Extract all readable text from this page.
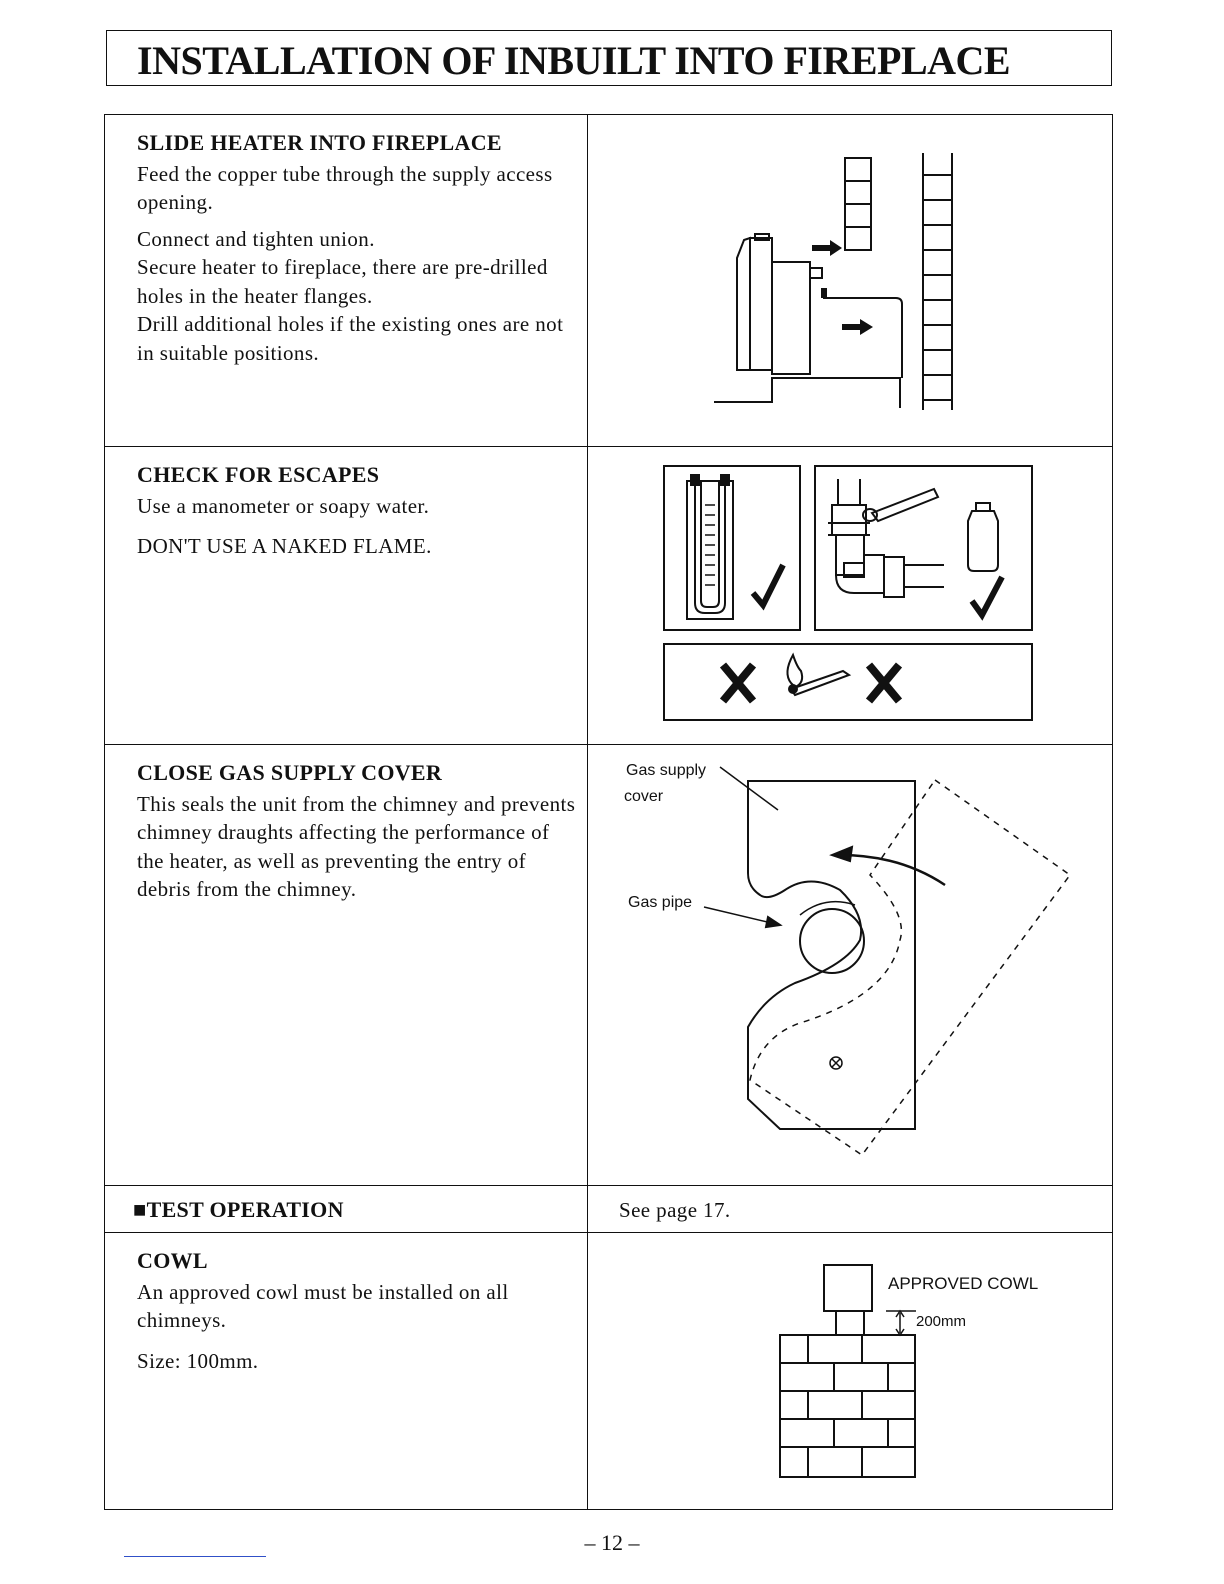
INSTALLATION OF INBUILT INTO FIREPLACE
SLIDE HEATER INTO FIREPLACE

Feed the copper tube through the supply access opening.

Connect and tighten union.

Secure heater to fireplace, there are pre-drilled holes in the heater flanges.

Drill additional holes if the existing ones are not in suitable positions.

CHECK FOR ESCAPES

Use a manometer or soapy water.

DON'T USE A NAKED FLAME.

CLOSE GAS SUPPLY COVER

This seals the unit from the chimney and prevents chimney draughts affecting the performance of the heater, as well as preventing the entry of debris from the chimney.

■TEST OPERATION	See page 17.

COWL

An approved cowl must be installed on all chimneys.

Size: 100mm.

Gas supply
cover
Gas pipe
APPROVED COWL
200mm
– 12 –
